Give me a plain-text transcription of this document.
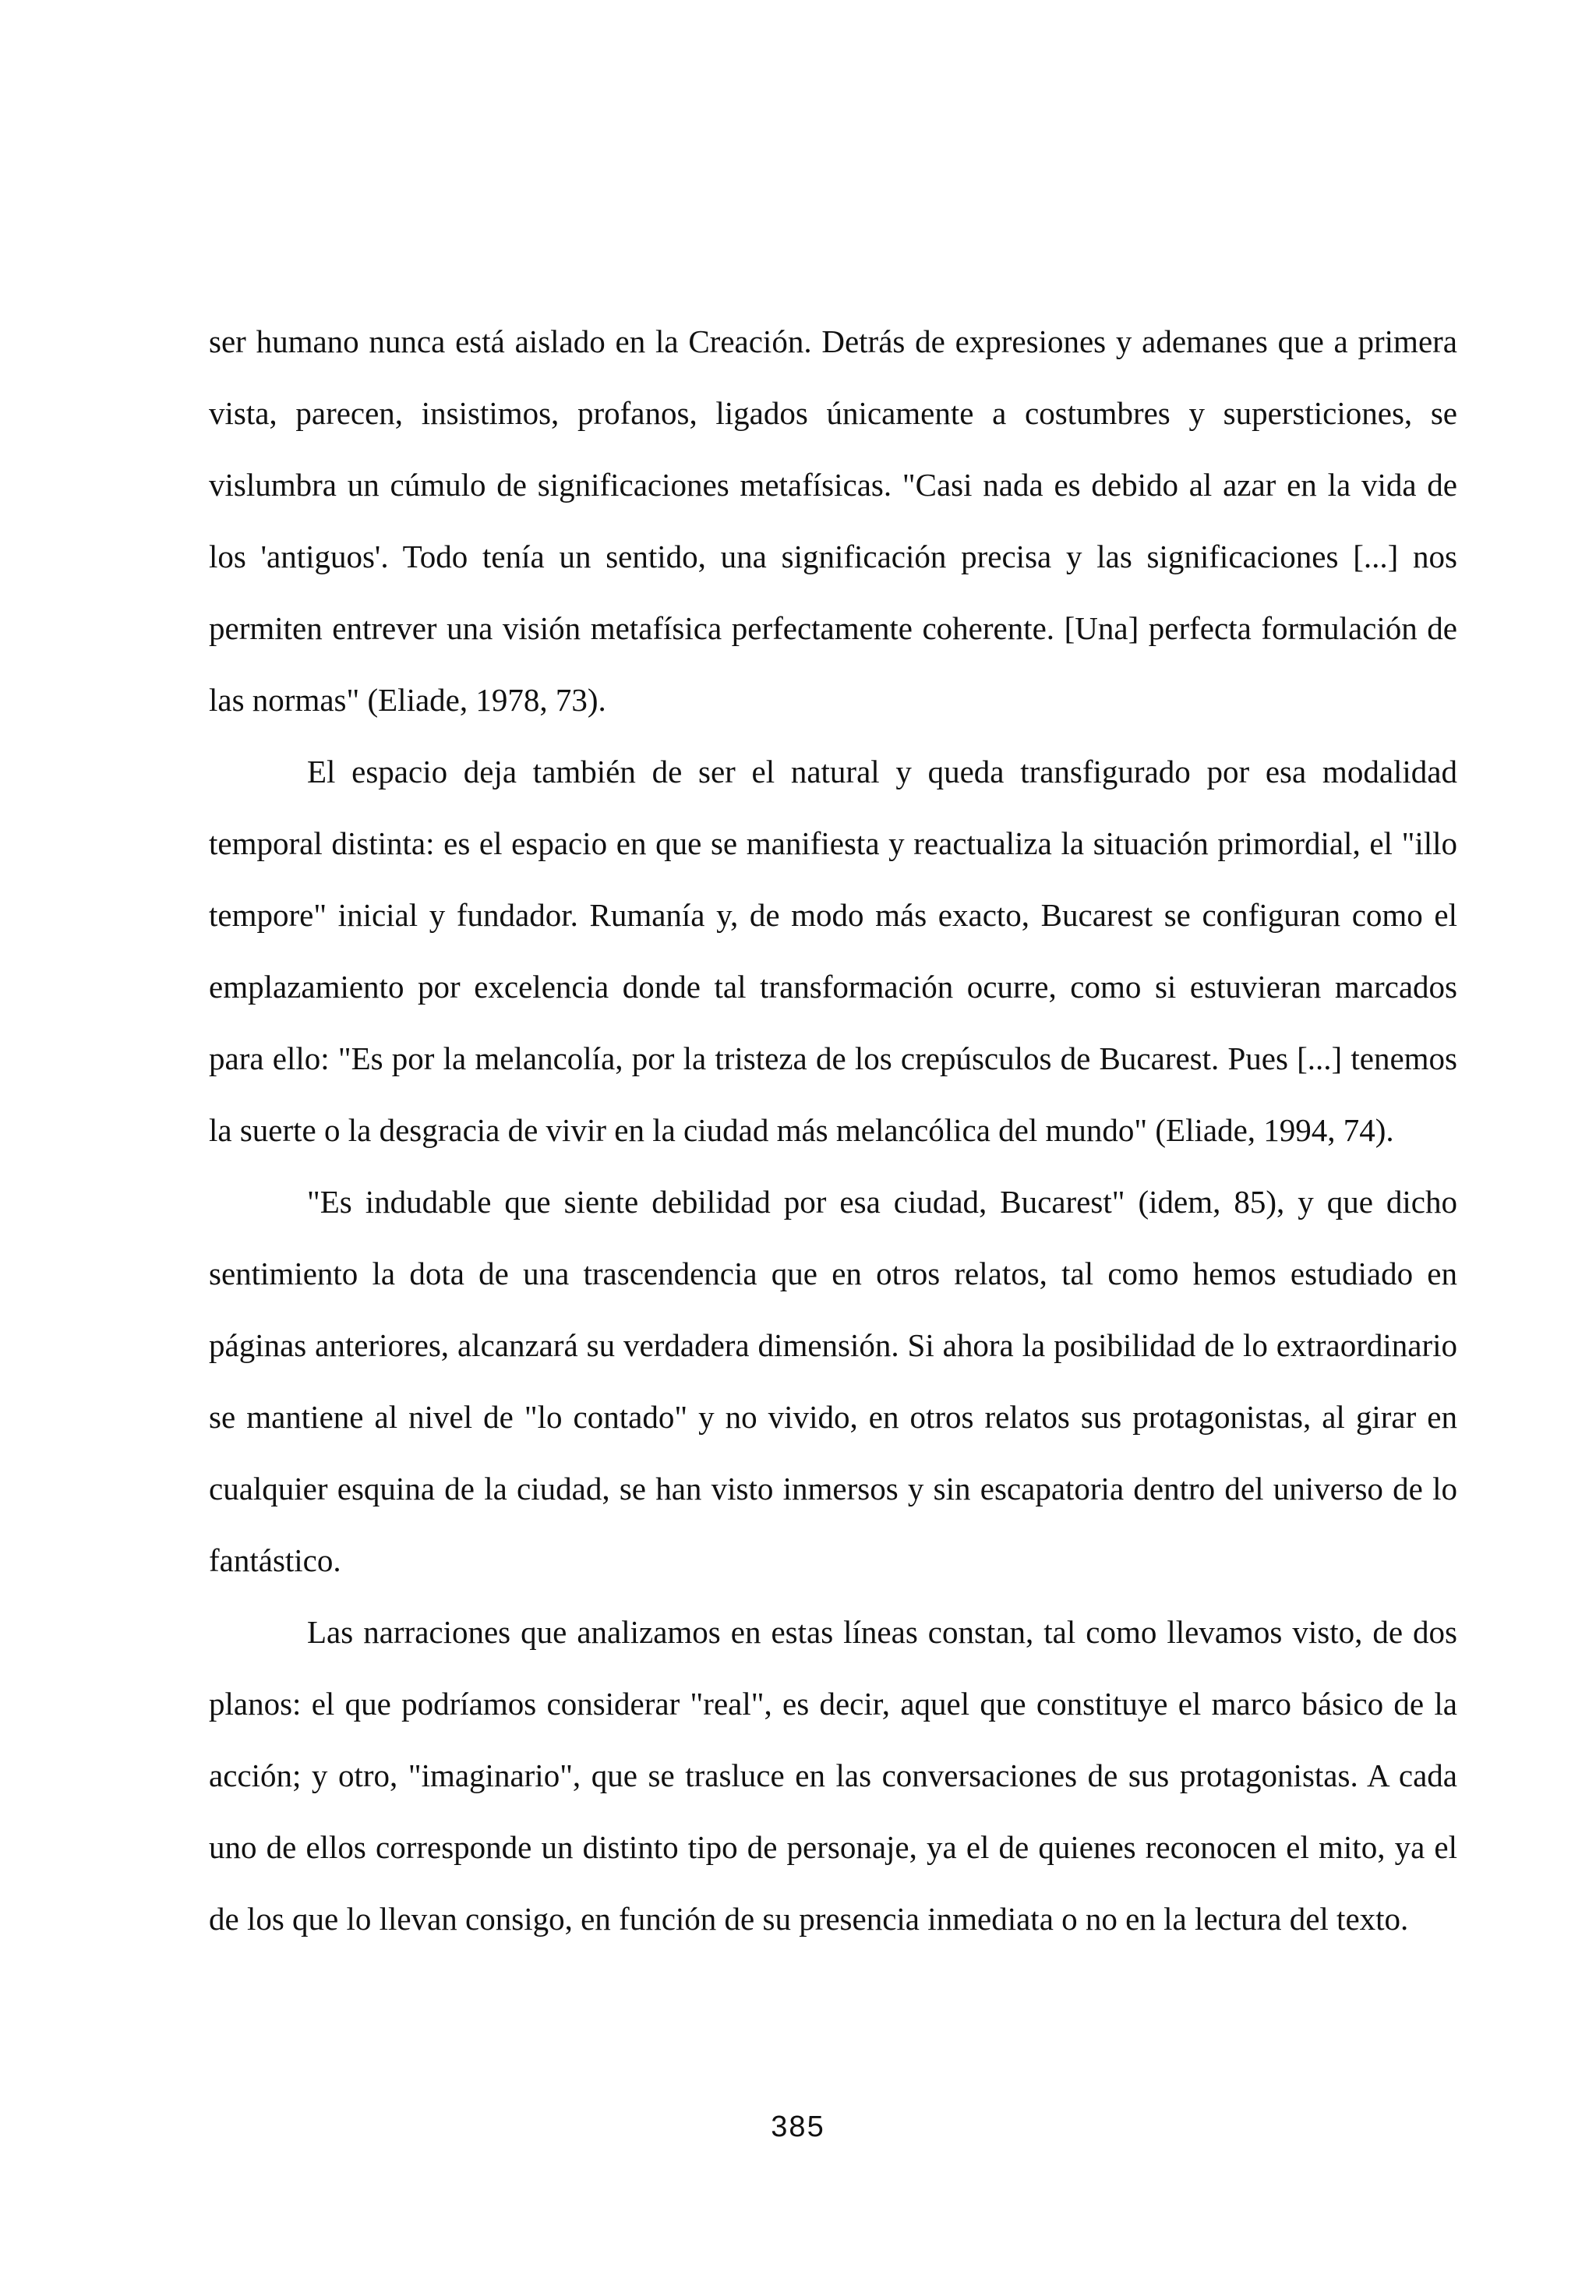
ser humano nunca está aislado en la Creación. Detrás de expresiones y ademanes que a primera vista, parecen, insistimos, profanos, ligados únicamente a costumbres y supersticiones, se vislumbra un cúmulo de significaciones metafísicas. "Casi nada es debido al azar en la vida de los 'antiguos'. Todo tenía un sentido, una significación precisa y las significaciones [...] nos permiten entrever una visión metafísica perfectamente coherente. [Una] perfecta formulación de las normas" (Eliade, 1978, 73).

El espacio deja también de ser el natural y queda transfigurado por esa modalidad temporal distinta: es el espacio en que se manifiesta y reactualiza la situación primordial, el "illo tempore" inicial y fundador. Rumanía y, de modo más exacto, Bucarest se configuran como el emplazamiento por excelencia donde tal transformación ocurre, como si estuvieran marcados para ello: "Es por la melancolía, por la tristeza de los crepúsculos de Bucarest. Pues [...] tenemos la suerte o la desgracia de vivir en la ciudad más melancólica del mundo" (Eliade, 1994, 74).

"Es indudable que siente debilidad por esa ciudad, Bucarest" (idem, 85), y que dicho sentimiento la dota de una trascendencia que en otros relatos, tal como hemos estudiado en páginas anteriores, alcanzará su verdadera dimensión. Si ahora la posibilidad de lo extraordinario se mantiene al nivel de "lo contado" y no vivido, en otros relatos sus protagonistas, al girar en cualquier esquina de la ciudad, se han visto inmersos y sin escapatoria dentro del universo de lo fantástico.

Las narraciones que analizamos en estas líneas constan, tal como llevamos visto, de dos planos: el que podríamos considerar "real", es decir, aquel que constituye el marco básico de la acción; y otro, "imaginario", que se trasluce en las conversaciones de sus protagonistas. A cada uno de ellos corresponde un distinto tipo de personaje, ya el de quienes reconocen el mito, ya el de los que lo llevan consigo, en función de su presencia inmediata o no en la lectura del texto.

385
